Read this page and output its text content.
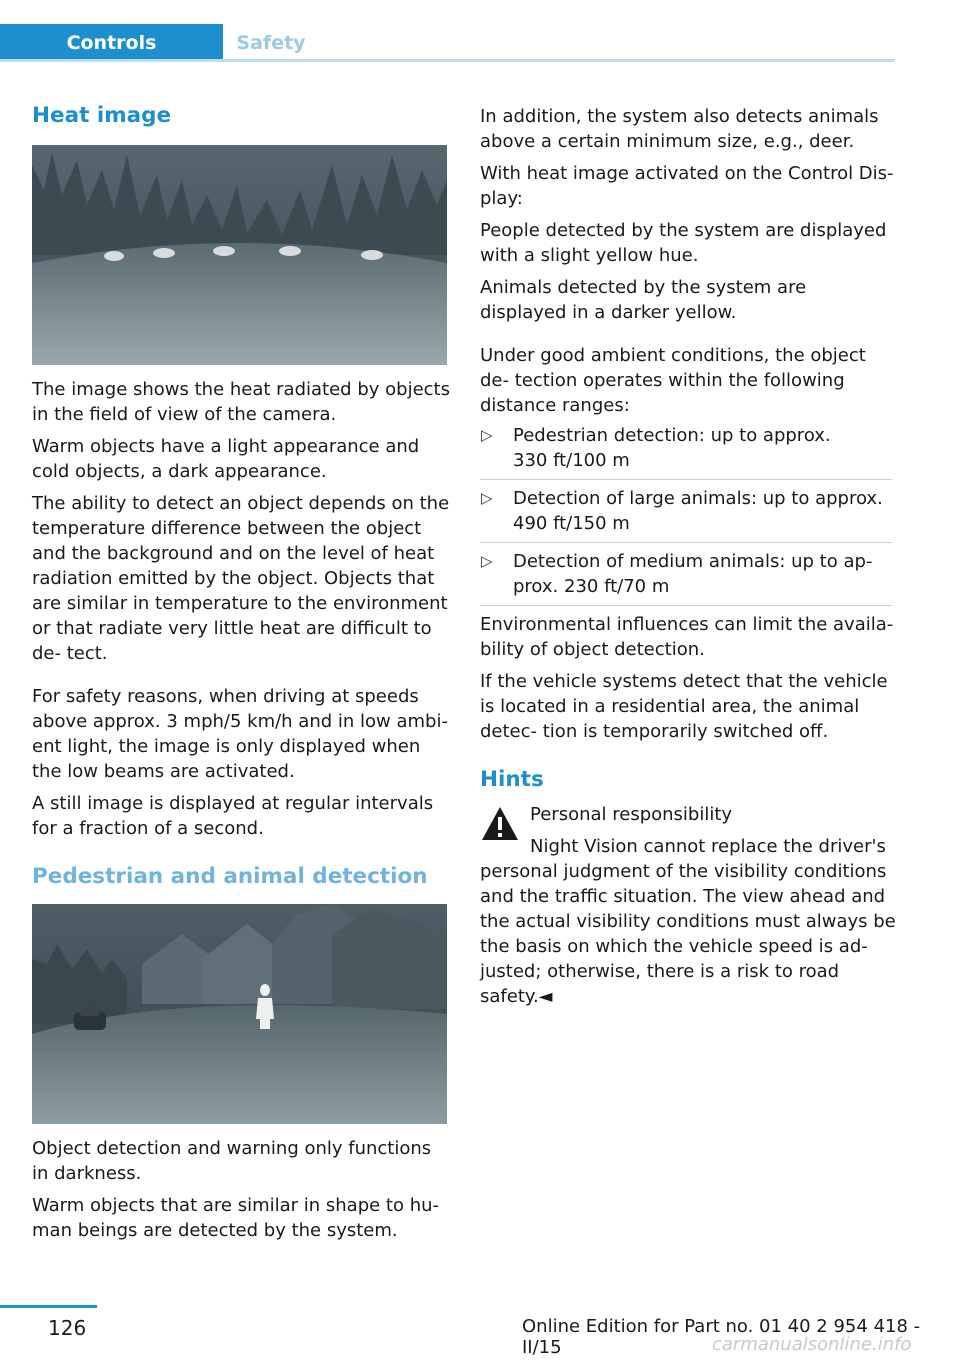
Controls	Safety
Heat image

The image shows the heat radiated by objects in the field of view of the camera.

Warm objects have a light appearance and cold objects, a dark appearance.

The ability to detect an object depends on the temperature difference between the object and the background and on the level of heat radiation emitted by the object. Objects that are similar in temperature to the environment or that radiate very little heat are difficult to de‐ tect.

For safety reasons, when driving at speeds above approx. 3 mph/5 km/h and in low ambi‐ ent light, the image is only displayed when the low beams are activated.

A still image is displayed at regular intervals for a fraction of a second.

Pedestrian and animal detection

Object detection and warning only functions in darkness.

Warm objects that are similar in shape to hu‐ man beings are detected by the system.

In addition, the system also detects animals above a certain minimum size, e.g., deer.

With heat image activated on the Control Dis‐ play:

People detected by the system are displayed with a slight yellow hue.

Animals detected by the system are displayed in a darker yellow.

Under good ambient conditions, the object de‐ tection operates within the following distance ranges:

▷ Pedestrian detection: up to approx.
330 ft/100 m
▷ Detection of large animals: up to approx.
490 ft/150 m
▷ Detection of medium animals: up to ap‐
prox. 230 ft/70 m

Environmental influences can limit the availa‐ bility of object detection.

If the vehicle systems detect that the vehicle is located in a residential area, the animal detec‐ tion is temporarily switched off.

Hints

Personal responsibility

Night Vision cannot replace the driver's personal judgment of the visibility conditions and the traffic situation. The view ahead and the actual visibility conditions must always be the basis on which the vehicle speed is ad‐ justed; otherwise, there is a risk to road safety.◄

126	Online Edition for Part no. 01 40 2 954 418 - II/15	carmanualsonline.info
